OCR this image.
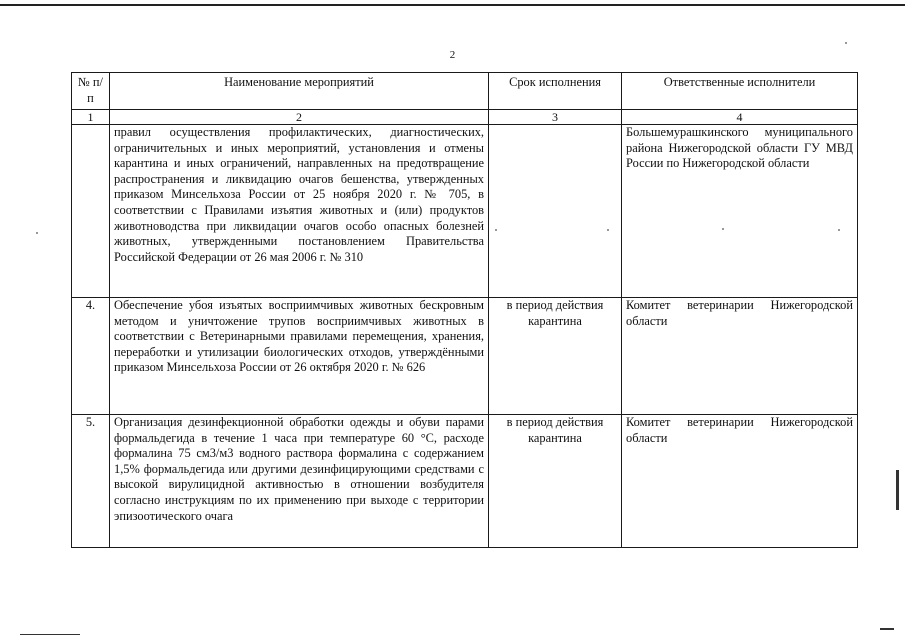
2
№ п/п	Наименование мероприятий	Срок исполнения	Ответственные исполнители
1	2	3	4
	правил осуществления профилактических, диагностических, ограничительных и иных мероприятий, установления и отмены карантина и иных ограничений, направленных на предотвращение распространения и ликвидацию очагов бешенства, утвержденных приказом Минсельхоза России от 25 ноября 2020 г. № 705, в соответствии с Правилами изъятия животных и (или) продуктов животноводства при ликвидации очагов особо опасных болезней животных, утвержденными постановлением Правительства Российской Федерации от 26 мая 2006 г. № 310		Большемурашкинского муниципального района Нижегородской области ГУ МВД России по Нижегородской области
4.	Обеспечение убоя изъятых восприимчивых животных бескровным методом и уничтожение трупов восприимчивых животных в соответствии с Ветеринарными правилами перемещения, хранения, переработки и утилизации биологических отходов, утверждёнными приказом Минсельхоза России от 26 октября 2020 г. № 626	в период действия карантина	Комитет ветеринарии Нижегородской области
5.	Организация дезинфекционной обработки одежды и обуви парами формальдегида в течение 1 часа при температуре 60 °С, расходе формалина 75 см3/м3 водного раствора формалина с содержанием 1,5% формальдегида или другими дезинфицирующими средствами с высокой вирулицидной активностью в отношении возбудителя согласно инструкциям по их применению при выходе с территории эпизоотического очага	в период действия карантина	Комитет ветеринарии Нижегородской области
